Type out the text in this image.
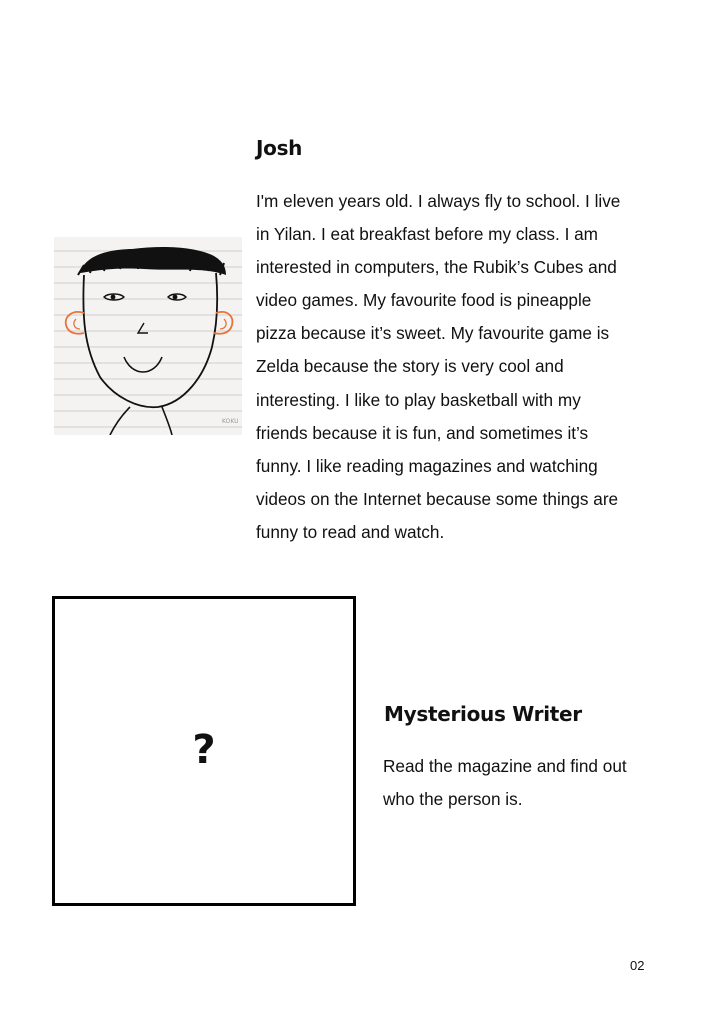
Josh
KOKU

I'm eleven years old. I always fly to school. I live
in Yilan. I eat breakfast before my class. I am
interested in computers, the Rubik’s Cubes and
video games. My favourite food is pineapple
pizza because it’s sweet. My favourite game is
Zelda because the story is very cool and
interesting. I like to play basketball with my
friends because it is fun, and sometimes it’s
funny. I like reading magazines and watching
videos on the Internet because some things are
funny to read and watch.

?
Mysterious Writer

Read the magazine and find out
who the person is.

02
